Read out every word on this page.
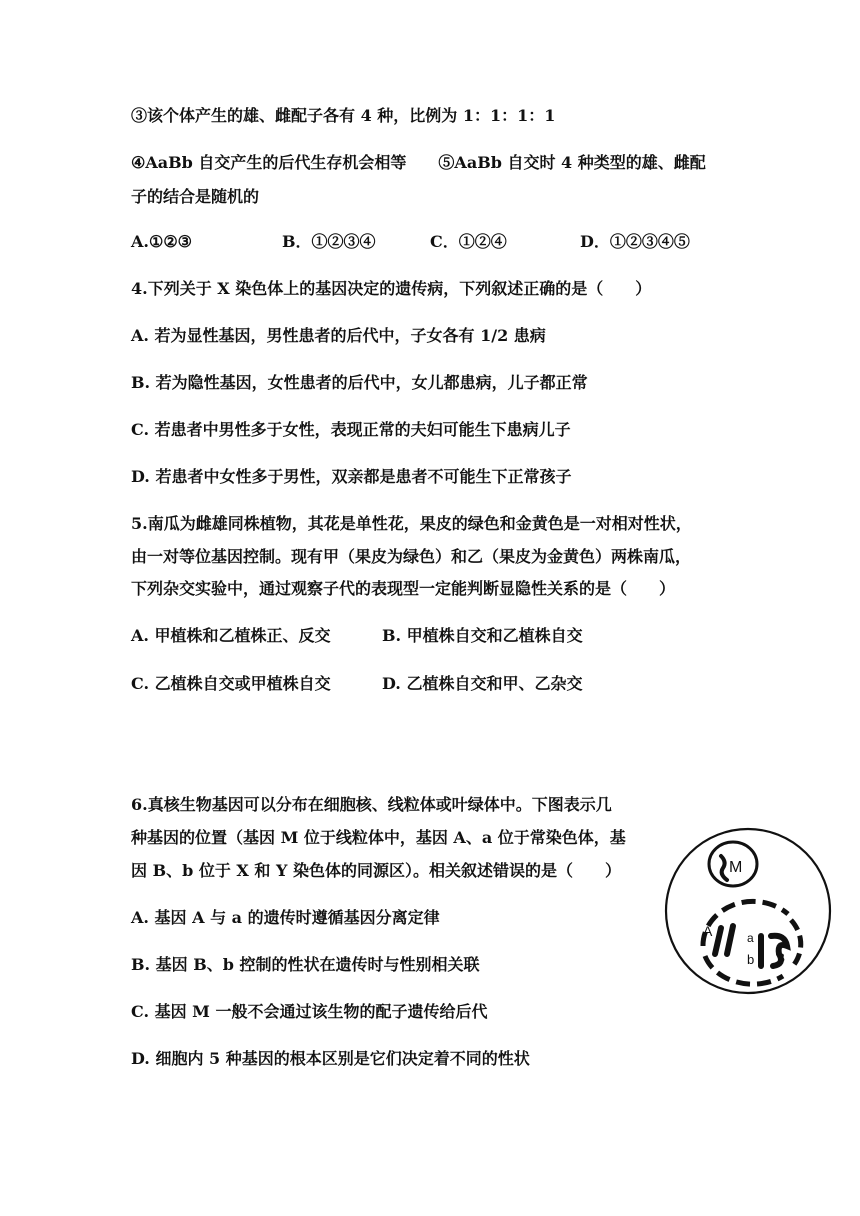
③该个体产生的雄、雌配子各有 4 种，比例为 1：1：1：1
④AaBb 自交产生的后代生存机会相等　　⑤AaBb 自交时 4 种类型的雄、雌配
子的结合是随机的
A.①②③	B．①②③④	C．①②④	D．①②③④⑤
4.下列关于 X 染色体上的基因决定的遗传病，下列叙述正确的是（　　）
A. 若为显性基因，男性患者的后代中，子女各有 1/2 患病
B. 若为隐性基因，女性患者的后代中，女儿都患病，儿子都正常
C. 若患者中男性多于女性，表现正常的夫妇可能生下患病儿子
D. 若患者中女性多于男性，双亲都是患者不可能生下正常孩子
5.南瓜为雌雄同株植物，其花是单性花，果皮的绿色和金黄色是一对相对性状，
由一对等位基因控制。现有甲（果皮为绿色）和乙（果皮为金黄色）两株南瓜，
下列杂交实验中，通过观察子代的表现型一定能判断显隐性关系的是（　　）
A. 甲植株和乙植株正、反交	B. 甲植株自交和乙植株自交
C. 乙植株自交或甲植株自交	D. 乙植株自交和甲、乙杂交
6.真核生物基因可以分布在细胞核、线粒体或叶绿体中。下图表示几
种基因的位置（基因 M 位于线粒体中，基因 A、a 位于常染色体，基
因 B、b 位于 X 和 Y 染色体的同源区）。相关叙述错误的是（　　）
A. 基因 A 与 a 的遗传时遵循基因分离定律
B. 基因 B、b 控制的性状在遗传时与性别相关联
C. 基因 M 一般不会通过该生物的配子遗传给后代
D. 细胞内 5 种基因的根本区别是它们决定着不同的性状
M
A	a
b B
